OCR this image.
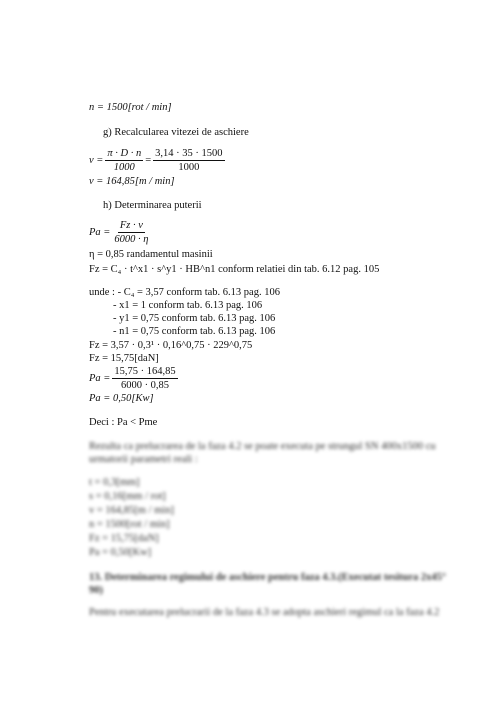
n = 1500[rot / min]
g) Recalcularea vitezei de aschiere
$v = \frac{\pi \cdot D \cdot n}{1000} = \frac{3,14 \cdot 35 \cdot 1500}{1000}$
v = 164,85[m / min]
h) Determinarea puterii
$Pa = \frac{Fz \cdot v}{6000 \cdot \eta}$
η = 0,85 randamentul masinii
Fz = C₄ · t^x1 · s^y1 · HB^n1 conform relatiei din tab. 6.12 pag. 105
unde : - C₄ = 3,57 conform tab. 6.13 pag. 106
- x1 = 1 conform tab. 6.13 pag. 106
- y1 = 0,75 conform tab. 6.13 pag. 106
- n1 = 0,75 conform tab. 6.13 pag. 106
Fz = 3,57 · 0,3¹ · 0,16^0,75 · 229^0,75
Fz = 15,75[daN]
$Pa = \frac{15,75 \cdot 164,85}{6000 \cdot 0,85}$
Pa = 0,50[Kw]
Deci : Pa < Pme
Rezulta ca prelucrarea de la faza 4.2 se poate executa pe strungul SN 400x1500 cu
urmatorii parametri reali :
t = 0,3[mm]
s = 0,16[mm / rot]
v = 164,85[m / min]
n = 1500[rot / min]
Fz = 15,75[daN]
Pa = 0,50[Kw]
13. Determinarea regimului de aschiere pentru faza 4.3.(Executat tesitura 2x45°
90)
Pentru executarea prelucrarii de la faza 4.3 se adopta aschieri regimul ca la faza 4.2
